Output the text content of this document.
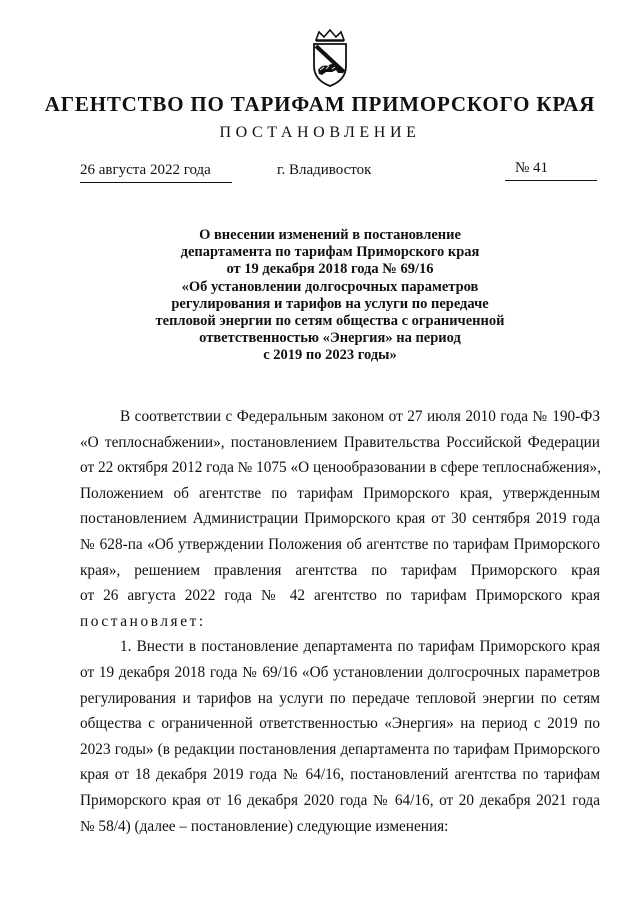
АГЕНТСТВО ПО ТАРИФАМ ПРИМОРСКОГО КРАЯ
ПОСТАНОВЛЕНИЕ
26 августа 2022 года	г. Владивосток	№ 41
О внесении изменений в постановление
департамента по тарифам Приморского края
от 19 декабря 2018 года № 69/16
«Об установлении долгосрочных параметров
регулирования и тарифов на услуги по передаче
тепловой энергии по сетям общества с ограниченной
ответственностью «Энергия» на период
с 2019 по 2023 годы»
В соответствии с Федеральным законом от 27 июля 2010 года № 190-ФЗ
«О теплоснабжении», постановлением Правительства Российской Федерации
от 22 октября 2012 года № 1075 «О ценообразовании в сфере теплоснабжения»,
Положением об агентстве по тарифам Приморского края, утвержденным
постановлением Администрации Приморского края от 30 сентября 2019 года
№ 628-па «Об утверждении Положения об агентстве по тарифам Приморского
края», решением правления агентства по тарифам Приморского края
от 26 августа 2022 года № 42 агентство по тарифам Приморского края
постановляет:
1. Внести в постановление департамента по тарифам Приморского края
от 19 декабря 2018 года № 69/16 «Об установлении долгосрочных параметров
регулирования и тарифов на услуги по передаче тепловой энергии по сетям
общества с ограниченной ответственностью «Энергия» на период с 2019 по
2023 годы» (в редакции постановления департамента по тарифам Приморского
края от 18 декабря 2019 года № 64/16, постановлений агентства по тарифам
Приморского края от 16 декабря 2020 года № 64/16, от 20 декабря 2021 года
№ 58/4) (далее – постановление) следующие изменения:
